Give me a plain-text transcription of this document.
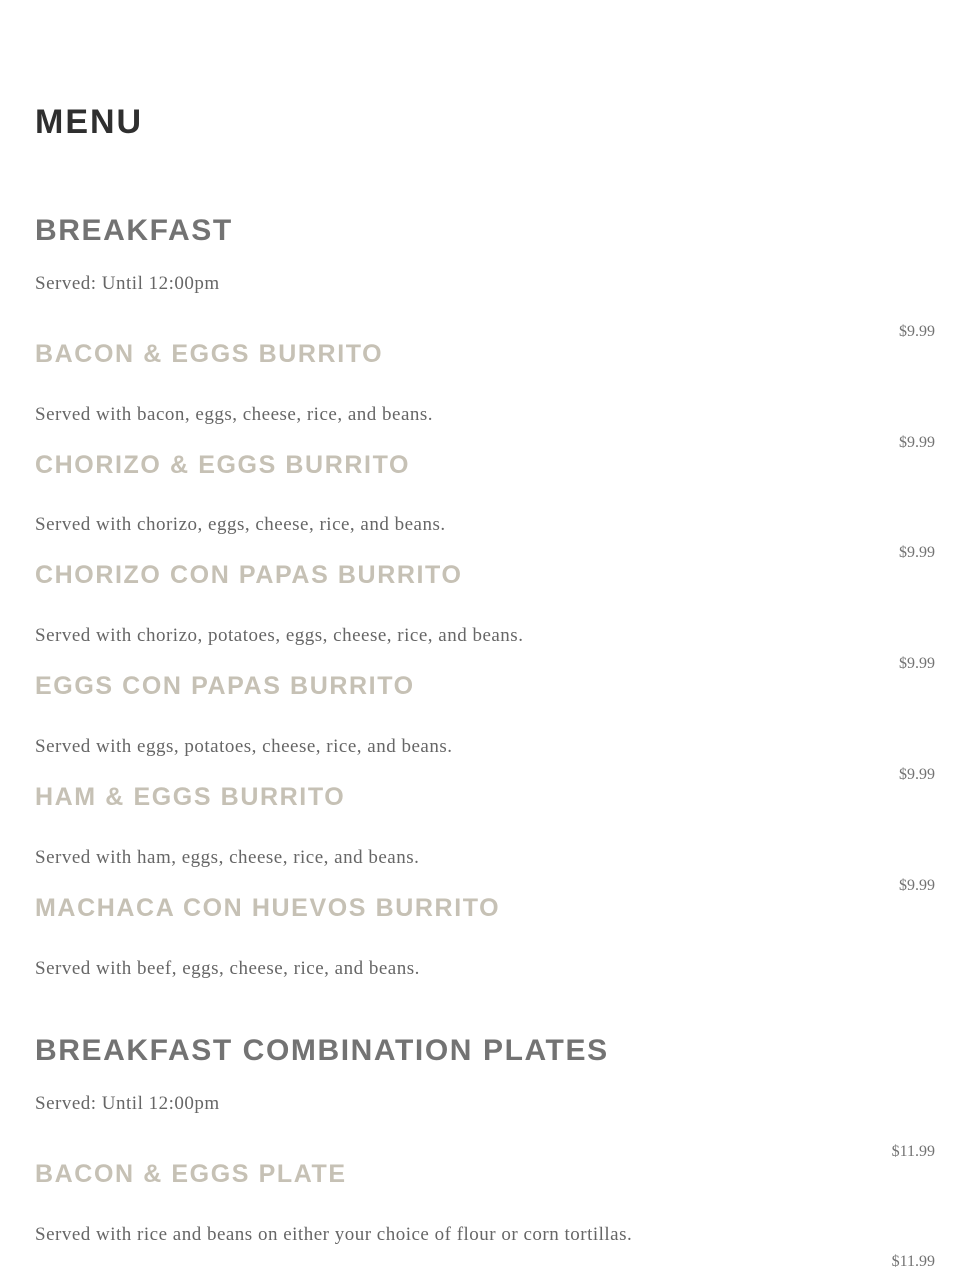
MENU
BREAKFAST
Served: Until 12:00pm
$9.99
BACON & EGGS BURRITO
Served with bacon, eggs, cheese, rice, and beans.
$9.99
CHORIZO & EGGS BURRITO
Served with chorizo, eggs, cheese, rice, and beans.
$9.99
CHORIZO CON PAPAS BURRITO
Served with chorizo, potatoes, eggs, cheese, rice, and beans.
$9.99
EGGS CON PAPAS BURRITO
Served with eggs, potatoes, cheese, rice, and beans.
$9.99
HAM & EGGS BURRITO
Served with ham, eggs, cheese, rice, and beans.
$9.99
MACHACA CON HUEVOS BURRITO
Served with beef, eggs, cheese, rice, and beans.
BREAKFAST COMBINATION PLATES
Served: Until 12:00pm
$11.99
BACON & EGGS PLATE
Served with rice and beans on either your choice of flour or corn tortillas.
$11.99
